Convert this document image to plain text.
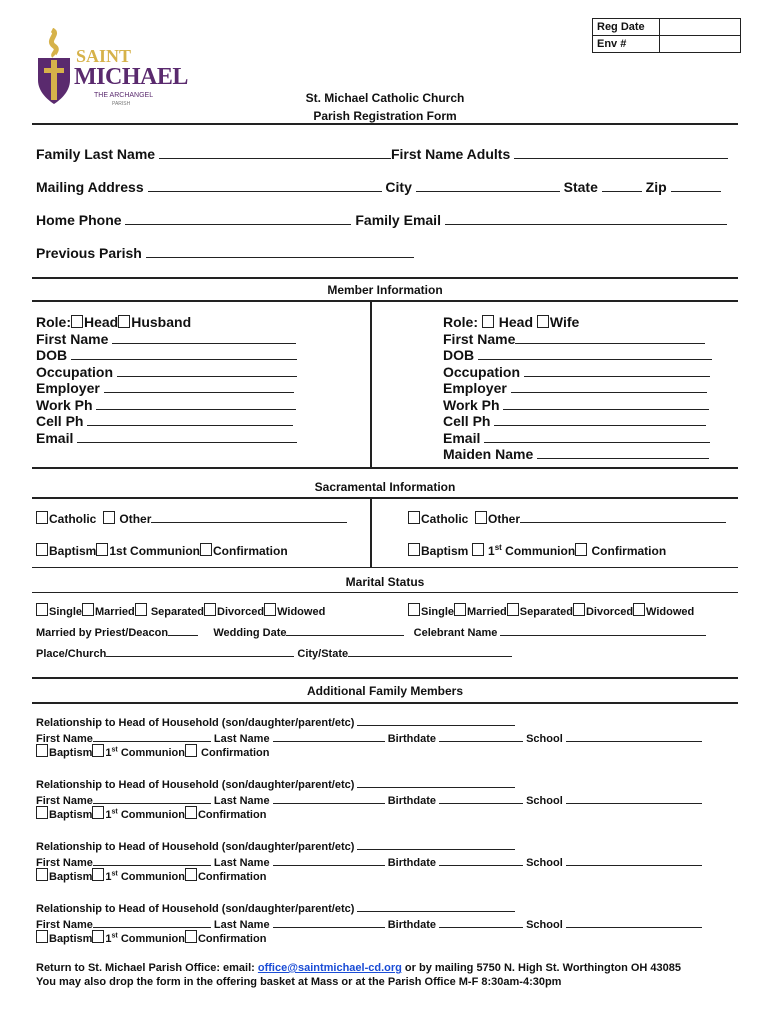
Reg Date	
Env #	
SAINT
MICHAEL
THE ARCHANGEL
PARISH	St. Michael Catholic Church
Parish Registration Form
Family Last Name	First Name Adults
Mailing Address	City	State	Zip
Home Phone	Family Email
Previous Parish
Member Information
Role: Head Husband
First Name
DOB
Occupation
Employer
Work Ph
Cell Ph
Email
Role: Head Wife
First Name
DOB
Occupation
Employer
Work Ph
Cell Ph
Email
Maiden Name
Sacramental Information
Catholic Other
Baptism 1st Communion Confirmation
Catholic Other
Baptism 1st Communion Confirmation
Marital Status
Single Married Separated Divorced Widowed	Single Married Separated Divorced Widowed
Married by Priest/Deacon	Wedding Date	Celebrant Name
Place/Church	City/State
Additional Family Members
Relationship to Head of Household (son/daughter/parent/etc)
First Name	Last Name	Birthdate	School
Baptism 1st Communion Confirmation
Relationship to Head of Household (son/daughter/parent/etc)
First Name	Last Name	Birthdate	School
Baptism 1st Communion Confirmation
Relationship to Head of Household (son/daughter/parent/etc)
First Name	Last Name	Birthdate	School
Baptism 1st Communion Confirmation
Relationship to Head of Household (son/daughter/parent/etc)
First Name	Last Name	Birthdate	School
Baptism 1st Communion Confirmation
Return to St. Michael Parish Office: email: office@saintmichael-cd.org or by mailing 5750 N. High St. Worthington OH 43085
You may also drop the form in the offering basket at Mass or at the Parish Office M-F 8:30am-4:30pm
